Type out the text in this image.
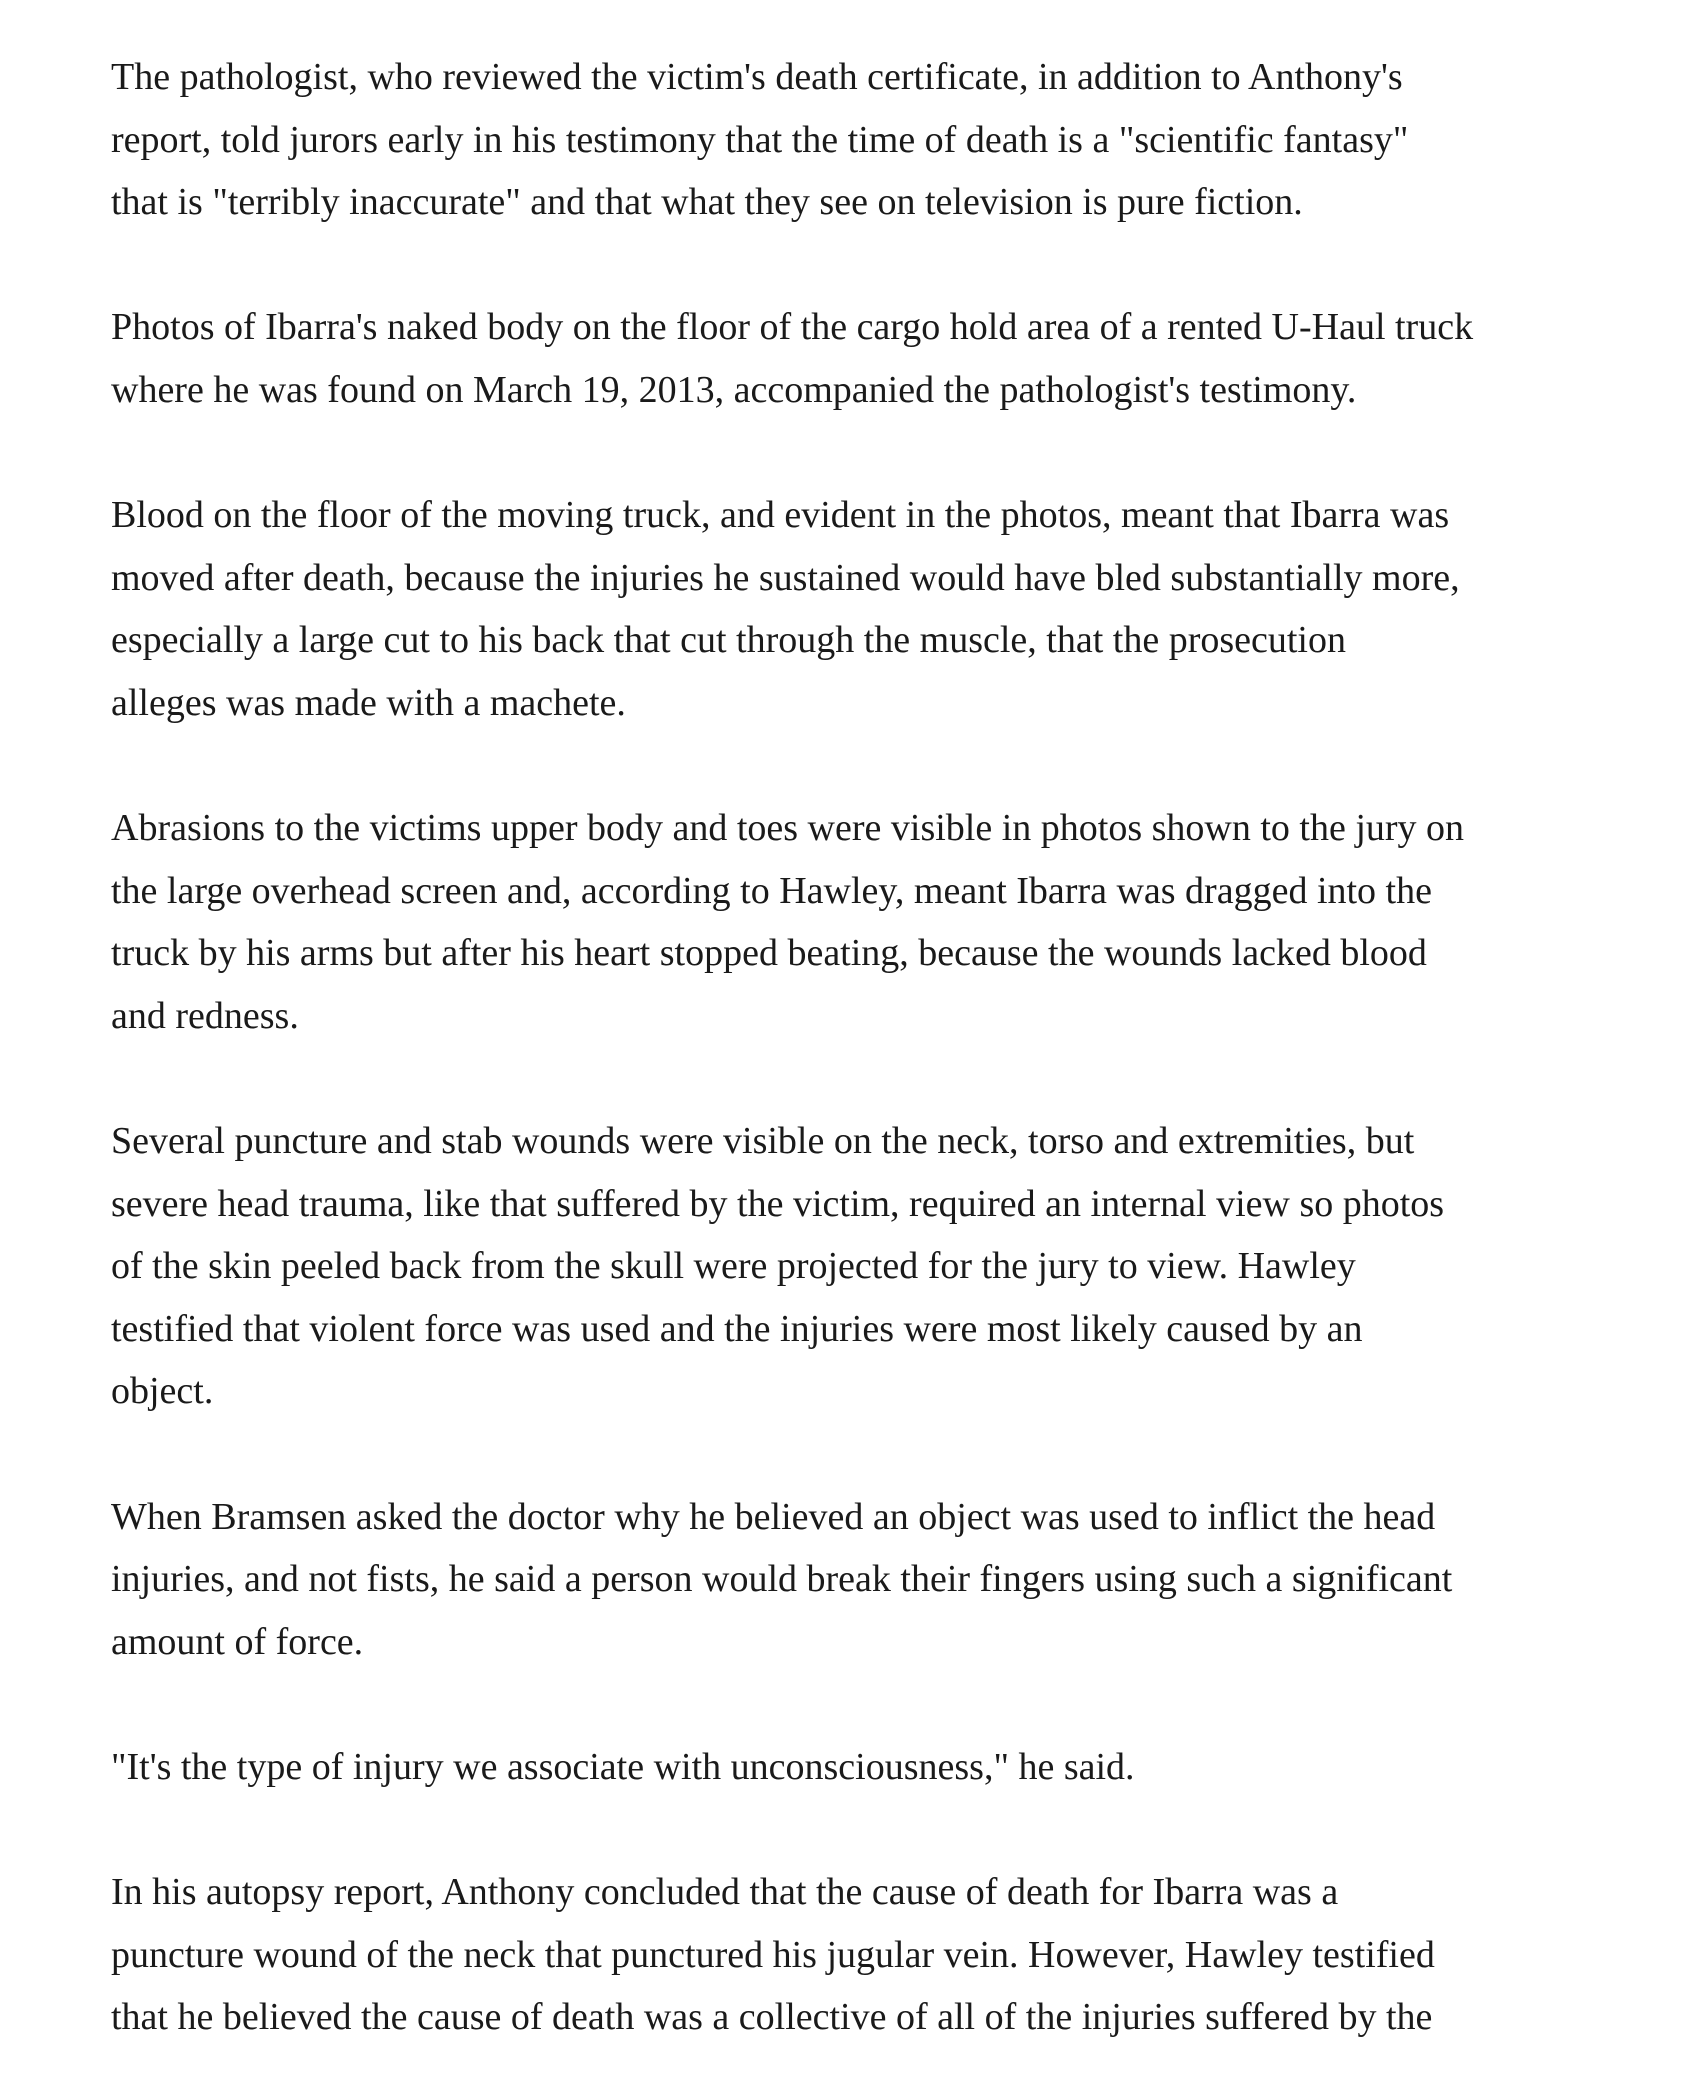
The pathologist, who reviewed the victim's death certificate, in addition to Anthony's
report, told jurors early in his testimony that the time of death is a "scientific fantasy"
that is "terribly inaccurate" and that what they see on television is pure fiction.

Photos of Ibarra's naked body on the floor of the cargo hold area of a rented U-Haul truck
where he was found on March 19, 2013, accompanied the pathologist's testimony.

Blood on the floor of the moving truck, and evident in the photos, meant that Ibarra was
moved after death, because the injuries he sustained would have bled substantially more,
especially a large cut to his back that cut through the muscle, that the prosecution
alleges was made with a machete.

Abrasions to the victims upper body and toes were visible in photos shown to the jury on
the large overhead screen and, according to Hawley, meant Ibarra was dragged into the
truck by his arms but after his heart stopped beating, because the wounds lacked blood
and redness.

Several puncture and stab wounds were visible on the neck, torso and extremities, but
severe head trauma, like that suffered by the victim, required an internal view so photos
of the skin peeled back from the skull were projected for the jury to view. Hawley
testified that violent force was used and the injuries were most likely caused by an
object.

When Bramsen asked the doctor why he believed an object was used to inflict the head
injuries, and not fists, he said a person would break their fingers using such a significant
amount of force.

"It's the type of injury we associate with unconsciousness," he said.

In his autopsy report, Anthony concluded that the cause of death for Ibarra was a
puncture wound of the neck that punctured his jugular vein. However, Hawley testified
that he believed the cause of death was a collective of all of the injuries suffered by the
